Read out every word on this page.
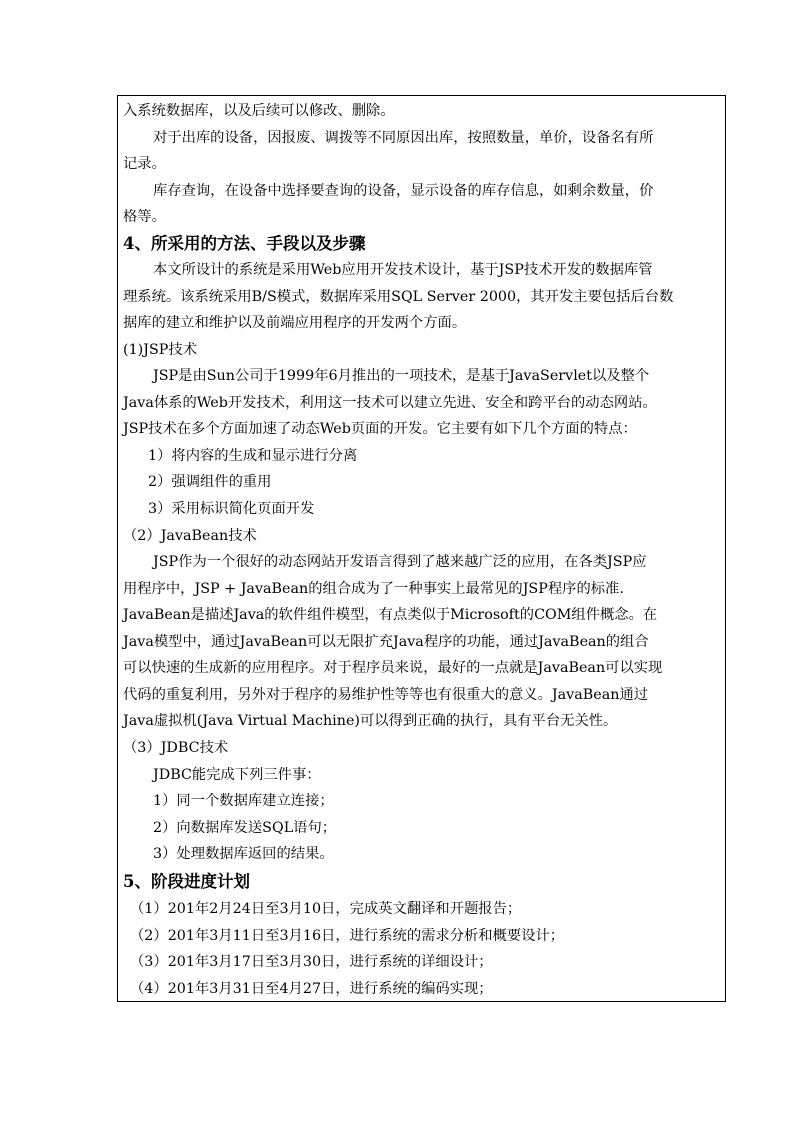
入系统数据库，以及后续可以修改、删除。
对于出库的设备，因报废、调拨等不同原因出库，按照数量，单价，设备名有所
记录。
库存查询，在设备中选择要查询的设备，显示设备的库存信息，如剩余数量，价
格等。
4、所采用的方法、手段以及步骤
本文所设计的系统是采用Web应用开发技术设计，基于JSP技术开发的数据库管
理系统。该系统采用B/S模式，数据库采用SQL Server 2000，其开发主要包括后台数
据库的建立和维护以及前端应用程序的开发两个方面。
(1)JSP技术
JSP是由Sun公司于1999年6月推出的一项技术，是基于JavaServlet以及整个
Java体系的Web开发技术，利用这一技术可以建立先进、安全和跨平台的动态网站。
JSP技术在多个方面加速了动态Web页面的开发。它主要有如下几个方面的特点：
1）将内容的生成和显示进行分离
2）强调组件的重用
3）采用标识简化页面开发
（2）JavaBean技术
JSP作为一个很好的动态网站开发语言得到了越来越广泛的应用，在各类JSP应
用程序中，JSP + JavaBean的组合成为了一种事实上最常见的JSP程序的标准.
JavaBean是描述Java的软件组件模型，有点类似于Microsoft的COM组件概念。在
Java模型中，通过JavaBean可以无限扩充Java程序的功能，通过JavaBean的组合
可以快速的生成新的应用程序。对于程序员来说，最好的一点就是JavaBean可以实现
代码的重复利用，另外对于程序的易维护性等等也有很重大的意义。JavaBean通过
Java虚拟机(Java Virtual Machine)可以得到正确的执行，具有平台无关性。
（3）JDBC技术
JDBC能完成下列三件事：
1）同一个数据库建立连接；
2）向数据库发送SQL语句；
3）处理数据库返回的结果。
5、阶段进度计划
（1）201年2月24日至3月10日，完成英文翻译和开题报告；
（2）201年3月11日至3月16日，进行系统的需求分析和概要设计；
（3）201年3月17日至3月30日，进行系统的详细设计；
（4）201年3月31日至4月27日，进行系统的编码实现；
